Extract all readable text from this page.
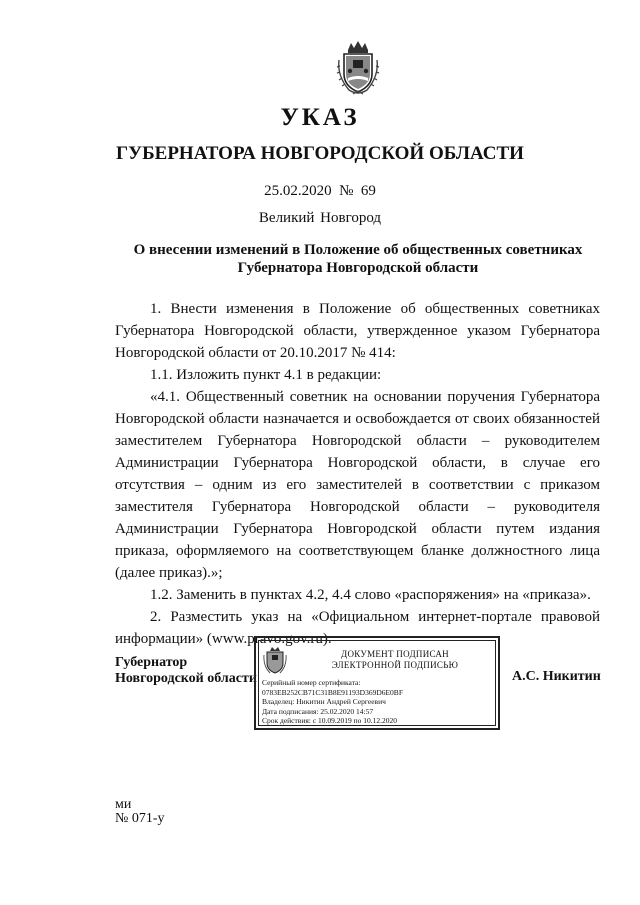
УКАЗ
ГУБЕРНАТОРА НОВГОРОДСКОЙ ОБЛАСТИ
25.02.2020 № 69
Великий Новгород
О внесении изменений в Положение об общественных советниках
Губернатора Новгородской области

1. Внести изменения в Положение об общественных советниках Губернатора Новгородской области, утвержденное указом Губернатора Новгородской области от 20.10.2017 № 414:

1.1. Изложить пункт 4.1 в редакции:

«4.1. Общественный советник на основании поручения Губернатора Новгородской области назначается и освобождается от своих обязанностей заместителем Губернатора Новгородской области – руководителем Администрации Губернатора Новгородской области, в случае его отсутствия – одним из его заместителей в соответствии с приказом заместителя Губернатора Новгородской области – руководителя Администрации Губернатора Новгородской области путем издания приказа, оформляемого на соответствующем бланке должностного лица (далее приказ).»;

1.2. Заменить в пунктах 4.2, 4.4 слово «распоряжения» на «приказа».

2. Разместить указ на «Официальном интернет-портале правовой информации» (www.pravo.gov.ru).

Губернатор
Новгородской области
ДОКУМЕНТ ПОДПИСАН
ЭЛЕКТРОННОЙ ПОДПИСЬЮ
Серийный номер сертификата:
0783EB252CB71C31B8E91193D369D6E0BF
Владелец: Никитин Андрей Сергеевич
Дата подписания: 25.02.2020 14:57
Срок действия: с 10.09.2019 по 10.12.2020
А.С. Никитин
ми
№ 071-у
